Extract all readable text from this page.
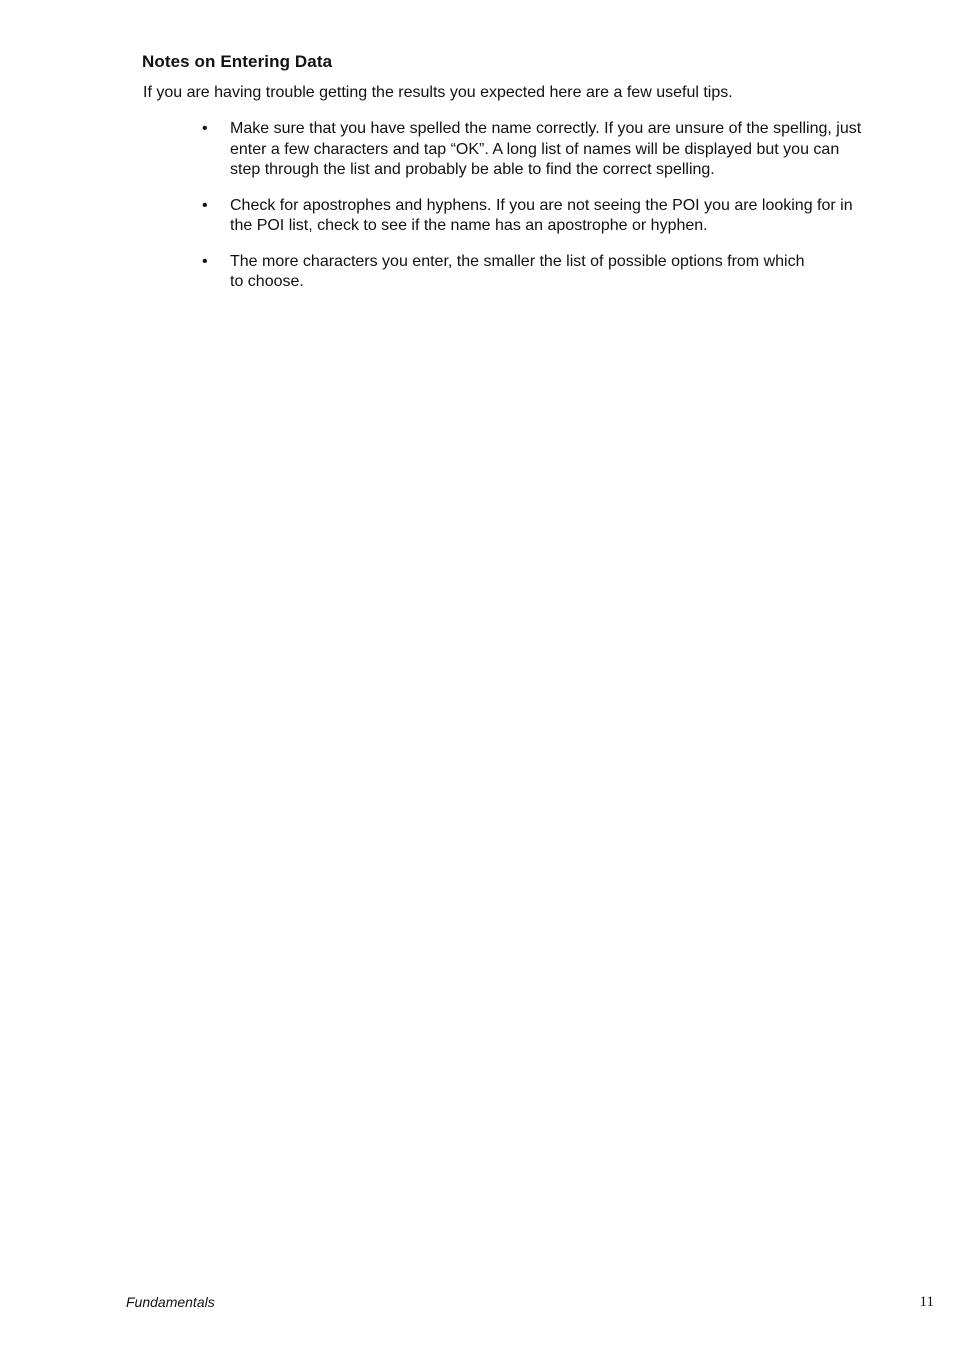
Notes on Entering Data
If you are having trouble getting the results you expected here are a few useful tips.
•	Make sure that you have spelled the name correctly. If you are unsure of the spelling, just
enter a few characters and tap “OK”. A long list of names will be displayed but you can
step through the list and probably be able to find the correct spelling.
•	Check for apostrophes and hyphens. If you are not seeing the POI you are looking for in
the POI list, check to see if the name has an apostrophe or hyphen.
•	The more characters you enter, the smaller the list of possible options from which
to choose.
Fundamentals	11
